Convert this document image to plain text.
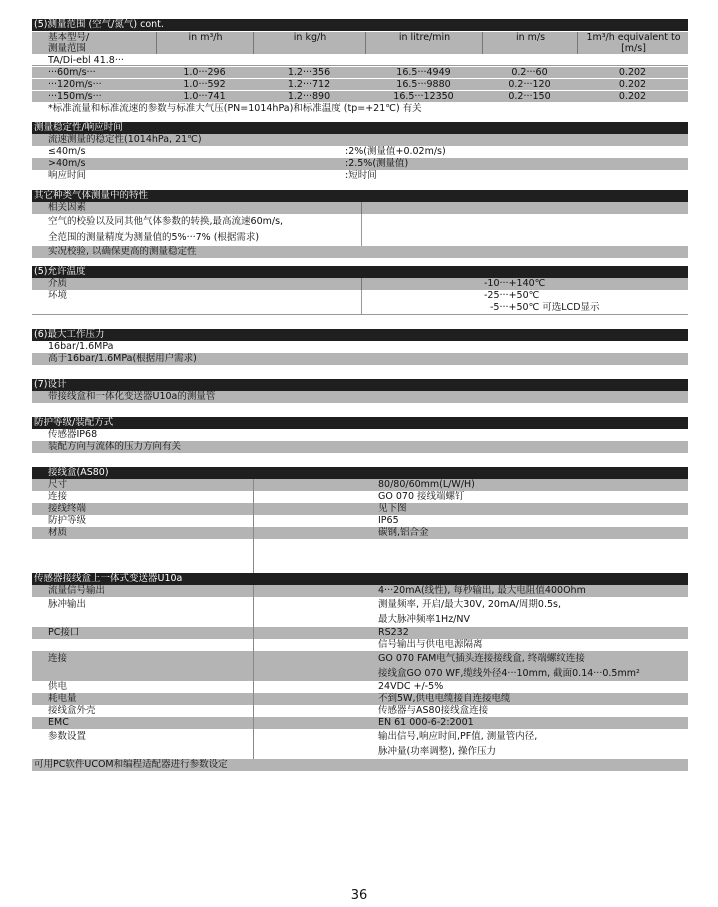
(5)测量范围 (空气/氮气) cont.
基本型号/
测量范围
in m³/h	in kg/h	in litre/min	in m/s	1m³/h equivalent to [m/s]
TA/Di-ebl 41.8···
···60m/s···	1.0···296	1.2···356	16.5···4949	0.2···60	0.202
···120m/s···	1.0···592	1.2···712	16.5···9880	0.2···120	0.202
···150m/s···	1.0···741	1.2···890	16.5···12350	0.2···150	0.202
*标准流量和标准流速的参数与标准大气压(PN=1014hPa)和标准温度 (tp=+21℃) 有关
测量稳定性/响应时间
流速测量的稳定性(1014hPa, 21℃)
≤40m/s	:2%(测量值+0.02m/s)
>40m/s	:2.5%(测量值)
响应时间	:短时间
其它种类气体测量中的特性
相关因素
空气的校验以及同其他气体参数的转换,最高流速60m/s,
全范围的测量精度为测量值的5%···7% (根据需求)
实况校验, 以确保更高的测量稳定性
(5)允许温度
介质	-10···+140℃
环境	-25···+50℃
-5···+50℃ 可选LCD显示
(6)最大工作压力
16bar/1.6MPa
高于16bar/1.6MPa(根据用户需求)
(7)设计
带接线盒和一体化变送器U10a的测量管
防护等级/装配方式
传感器IP68
装配方向与流体的压力方向有关
接线盒(AS80)
尺寸	80/80/60mm(L/W/H)
连接	GO 070 接线端螺钉
接线终端	见下图
防护等级	IP65
材质	碳钢,铝合金
传感器接线盒上一体式变送器U10a
流量信号输出	4···20mA(线性), 每秒输出, 最大电阻值400Ohm
脉冲输出	测量频率, 开启/最大30V, 20mA/周期0.5s,
最大脉冲频率1Hz/NV
PC接口	RS232
信号输出与供电电源隔离
连接	GO 070 FAM电气插头连接接线盒, 终端螺纹连接
接线盒GO 070 WF,缆线外径4···10mm, 截面0.14···0.5mm²
供电	24VDC +/-5%
耗电量	不到5W,供电电缆接自连接电缆
接线盒外壳	传感器与AS80接线盒连接
EMC	EN 61 000-6-2:2001
参数设置	输出信号,响应时间,PF值, 测量管内径,
脉冲量(功率调整), 操作压力
可用PC软件UCOM和编程适配器进行参数设定
36
